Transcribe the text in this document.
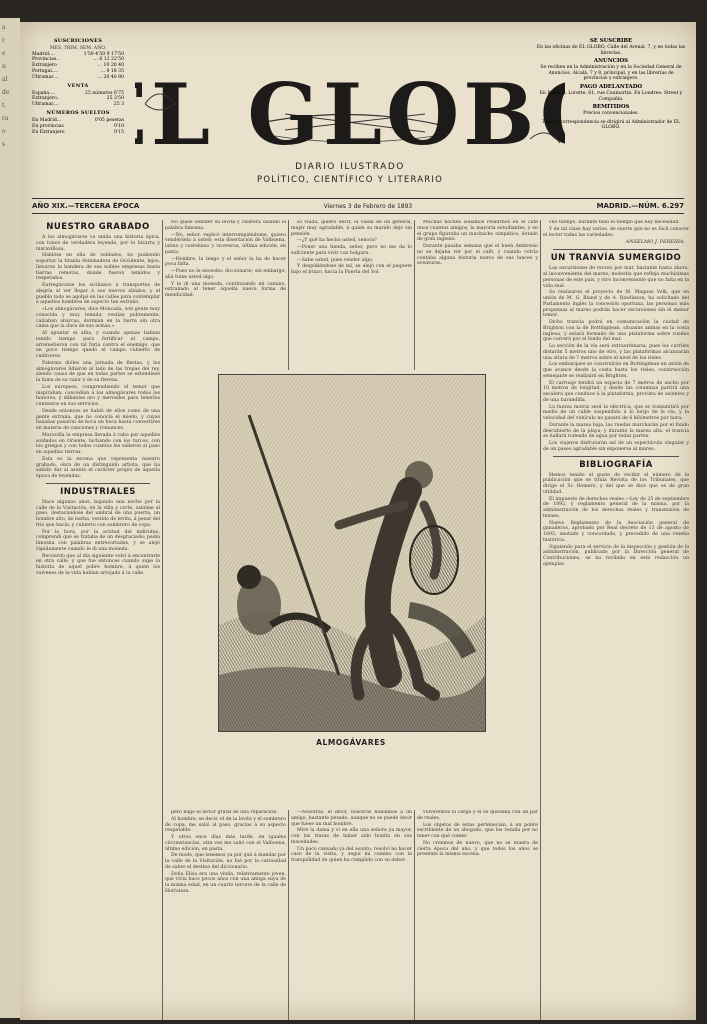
SUSCRICIONES
MES. TRIM. SEM. AÑO.
Madrid....	1'50 4'50 9 17'50
Provincias..	... 6 12 22'50
Extranjero	... 10 20 40
Portugal....	... 9 18 35
Ultramar....	... 20 40 80
VENTA
España....	25 números 6'75
Extranjero..	25 2'50
Ultramar....	25 3
NÚMEROS SUELTOS
En Madrid...	0'05 pesetas
En provincias	0'10
En Extranjero	0'15 L GLOB
DIARIO ILUSTRADO
POLÍTICO, CIENTÍFICO Y LITERARIO
SE SUSCRIBE

En las oficinas de EL GLOBO, Calle del Arenal, 7, y en todas las librerías.

ANUNCIOS

Se reciben en la Administración y en la Sociedad General de Anuncios. Alcalá, 7 y 8, principal, y en las librerías de provincias y extranjero.

PAGO ADELANTADO

En París: A. Lorette, 61, rue Caumartin. En Londres: Street y Compañía.

REMITIDOS

Precios convencionales.

Toda la correspondencia se dirigirá al Administrador de EL GLOBO.

AÑO XIX.—TERCERA ÉPOCA	Viernes 3 de Febrero de 1893	MADRID.—NÚM. 6.297
NUESTRO GRABADO

A los almogávares va unida una historia épica, con tonos de verdadera leyenda, por lo bizarra y maravillosa.

Hablóse en ella de soldados, no pudiendo soportar la tiranía dominadora de Occidente, lejos, llevaron la bandera de sus nobles empresas hasta tierras remotas, donde fueron temidos y respetados.

Entregáronse los sicilianos á transportes de alegría al ver llegar á sus nuevos aliados, y el pueblo todo se agolpó en las calles para contemplar á aquellos hombres de aspecto tan extraño.

«Los almogávares, dice Moncada, son gente muy conocida y muy temida; vestían pobremente, calzaban abarcas, dormían en la tierra sin otra cama que la dura de sus armas.»

Al apuntar el alba, y cuando apenas habían tenido tiempo para fortificar el campo, arremetieron con tal furia contra el enemigo, que en poco tiempo quedó el campo cubierto de cadáveres.

Palermo dióles una jornada de fiestas, y los almogávares lidiaron al lado de las tropas del rey, siendo causa de que en todas partes se extendiese la fama de su valor y de su fiereza.

Los europeos, comprendiendo el temor que inspiraban, concedían á los almogávares todos los honores, y dábanles oro y mercedes para tenerlos contentos en sus servicios.

Desde entonces se habló de ellos como de una gente extraña, que no conocía el miedo, y cuyas hazañas pasaron de boca en boca hasta convertirse en materia de canciones y romances.

Maravilla la empresa llevada á cabo por aquellos soldados en Oriente, luchando con los turcos, con los griegos y con todos cuantos les salieron al paso en aquellas tierras.

Esta es la escena que representa nuestro grabado, obra de un distinguido artista, que ha sabido dar al asunto el carácter propio de aquella época de leyendas.

INDUSTRIALES

Hace algunos años, bajando una noche por la calle de la Visitación, en la villa y corte, salióme al paso, destacándose del umbral de una puerta, un hombre alto, de barba, vestido de levita, á pesar del frío que hacía, y cubierto con sombrero de copa.

Por la hora, por la actitud del individuo, comprendí que se trataba de un desgraciado; pedía limosna con palabras entrecortadas, y se alejó rápidamente cuando le di una moneda.

Recuerdo que al día siguiente volví á encontrarle en otra calle, y que fué entonces cuando supe la historia de aquel pobre hombre, á quien los vaivenes de la vida habían arrojado á la calle.

No quise ofender su levita y chistera usando la palabra limosna.

—No, señor, replicó interrumpiéndome, quiero vendérsela á usted; esta disertación de Valbuena, latino y castellano y viceversa, última edición, en pasta.

—Hombre, la tengo y el señor la ha de hacer poca falta.

—Pues no le necesito: diccionario; sin embargo, allá tiene usted algo.

Y le di una moneda, continuando mi camino, extrañado al tener aquella nueva forma de mendicidad.

El viuda, quiero decir, la viuda de un general, mujer muy agradable, á quien su marido dejó sin pensión.

—¿Y qué ha hecho usted, señora?

—Poner una tienda, señor, pero no me da lo suficiente para vivir con holgura.

—Sabe usted, pues vender algo.

Y despidiéndose de mí, se alejó con el paquete bajo el brazo, hacia la Puerta del Sol.

Muchas noches solíamos reunirnos en el café unos cuantos amigos, la mayoría estudiantes, y en el grupo figuraba un muchacho simpático, dotado de gran ingenio.

Durante pasaba semana que el buen Ambrosio no se dejaba ver por el café, y cuando volvía contaba alguna historia nueva de sus lances y aventuras.

ALMOGÁVARES

pero hago el lector gratis de una reparación.

Al hombre, se decir, el de la levita y el sombrero de copa, me salió al paso, gracias á su aspecto respetable.

Y otros once días más tarde, en iguales circunstancias, otra vez me salió con el Valbuena, último edición, en pasta.

De modo, que tenemos ya por qué á mandar por la calle de la Visitación, no fué por la curiosidad de saber el destino del diccionario.

Doña Elisa era una viuda, relativamente joven, que vivía hace pocos años con una amiga suya de la misma edad, en un cuarto tercero de la calle de Hortaleza.

—Nosotras, el decir, nosotras habíamos á un amigo, bastante pesado, aunque no se puede decir que fuese un mal hombre.

Mire la dama y vi en ella una señora ya mayor, con las trazas de haber sido bonita en sus mocedades.

Un poco cansado ya del asunto, resolví no hacer caso de la visita, y seguí mi camino con la tranquilidad de quien ha cumplido con su deber.

volveremos la carga y el se quedaba con un par de reales.

Los objetos de éstas pertenecían, á un pobre escribiente de un abogado, que los vendía por no tener con qué comer.

No creemos de nuevo, que no se muera de cierta época del año, y que todos los años se presente la misma escena.

cho tiempo, durante todo el tiempo que hay necesidad.

Y de tal clase hay varios, de suerte que no es fácil conocer el lector todas las variedades.

ANSELMO J. PEREIRA.
UN TRANVÍA SUMERGIDO

Las excursiones de recreo por mar, bastante hasta ahora, al inconveniente del mareo; molestia que refleja muchísimas personas de este país, y otro inconveniente que no falta en la vida real.

Se realizaron el proyecto de M. Magnus Volk, que en unión de M. G. Bland y de A. Rawlinson, ha solicitado del Parlamento inglés la concesión oportuna, las personas más propensas al mareo podrán hacer excursiones sin el menor temor.

Dicho tranvía podrá en comunicación la ciudad de Brighton con la de Rottingdean, situadas ambas en la costa inglesa, y estará formado de una plataforma sobre ruedas que correrá por el fondo del mar.

La sección de la vía será extraordinaria, pues los carriles distarán 5 metros uno de otro, y las plataformas alcanzarán una altura de 7 metros sobre el nivel de los rieles.

Los embarques se construirán en Rottingdean en unión de que avance desde la costa hasta los rieles; construcción semejante se realizará en Brighton.

El carruaje tendrá un espacio de 7 metros de ancho por 10 metros de longitud, y desde las columnas partirá una escalera que conduce á la plataforma, provista de asientos y de una barandilla.

La fuerza motriz será la eléctrica, que se transmitirá por medio de un cable suspendido á lo largo de la vía, y la velocidad del vehículo no pasará de 6 kilómetros por hora.

Durante la marea baja, las ruedas marcharán por el fondo descubierto de la playa, y durante la marea alta, el tranvía se hallará rodeado de agua por todas partes.

Los viajeros disfrutarán así de un espectáculo singular y de un paseo agradable sin exponerse al mareo.

BIBLIOGRAFÍA

Hemos tenido el gusto de recibir el número de la publicación que se titula Revista de los Tribunales, que dirige el Sr. Romero, y del que se dice que es de gran utilidad.

El impuesto de derechos reales.—Ley de 25 de septiembre de 1892, y reglamento general de la misma, por la administración de los derechos reales y transmisión de bienes.

Nuevo Reglamento de la Asociación general de ganaderos, aprobado por Real decreto de 13 de agosto de 1892, anotado y concordado, y precedido de una reseña histórica.

Siguiendo para el servicio de la inspección y gestión de la administración, publicado por la Dirección general de Contribuciones, se ha recibido en esta redacción un ejemplar.

a
r
e
n
al
de
t.
ra
o
s
